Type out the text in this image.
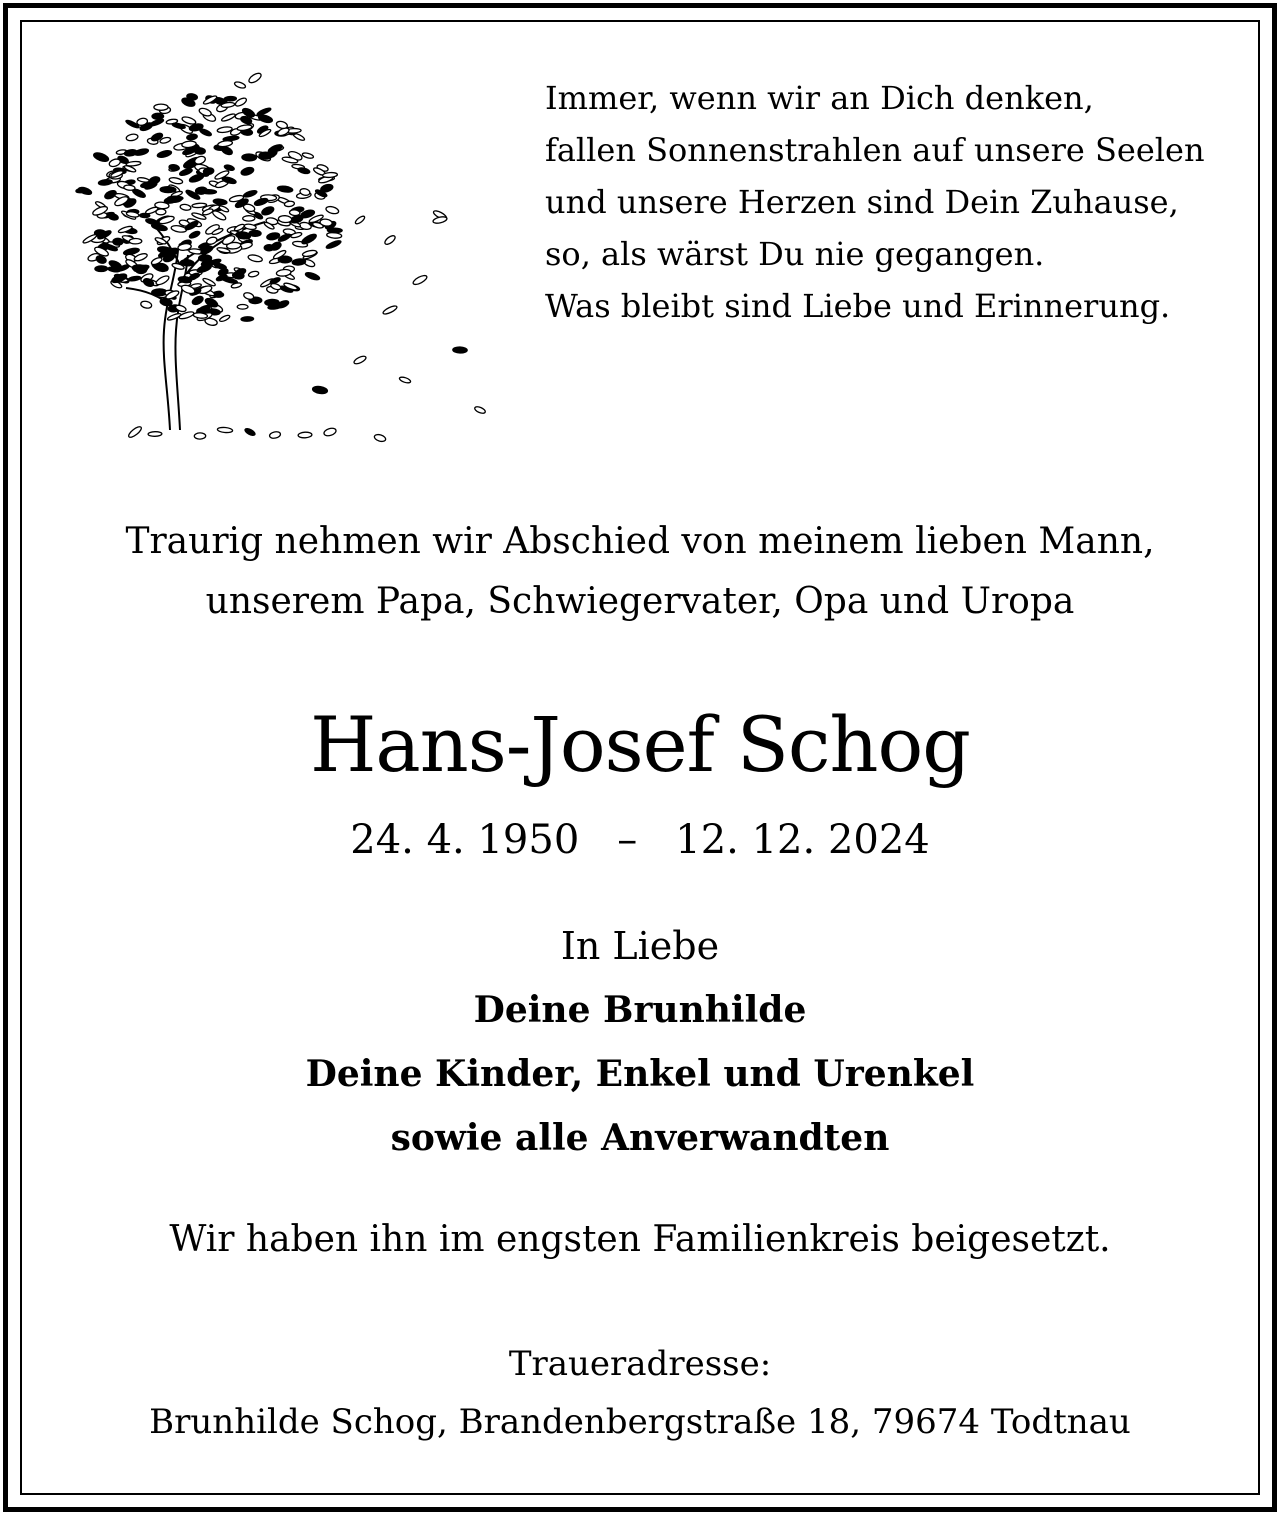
Immer, wenn wir an Dich denken,
fallen Sonnenstrahlen auf unsere Seelen
und unsere Herzen sind Dein Zuhause,
so, als wärst Du nie gegangen.
Was bleibt sind Liebe und Erinnerung.
Traurig nehmen wir Abschied von meinem lieben Mann,
unserem Papa, Schwiegervater, Opa und Uropa
Hans-Josef Schog
24. 4. 1950 – 12. 12. 2024
In Liebe
Deine Brunhilde
Deine Kinder, Enkel und Urenkel
sowie alle Anverwandten
Wir haben ihn im engsten Familienkreis beigesetzt.
Traueradresse:
Brunhilde Schog, Brandenbergstraße 18, 79674 Todtnau
